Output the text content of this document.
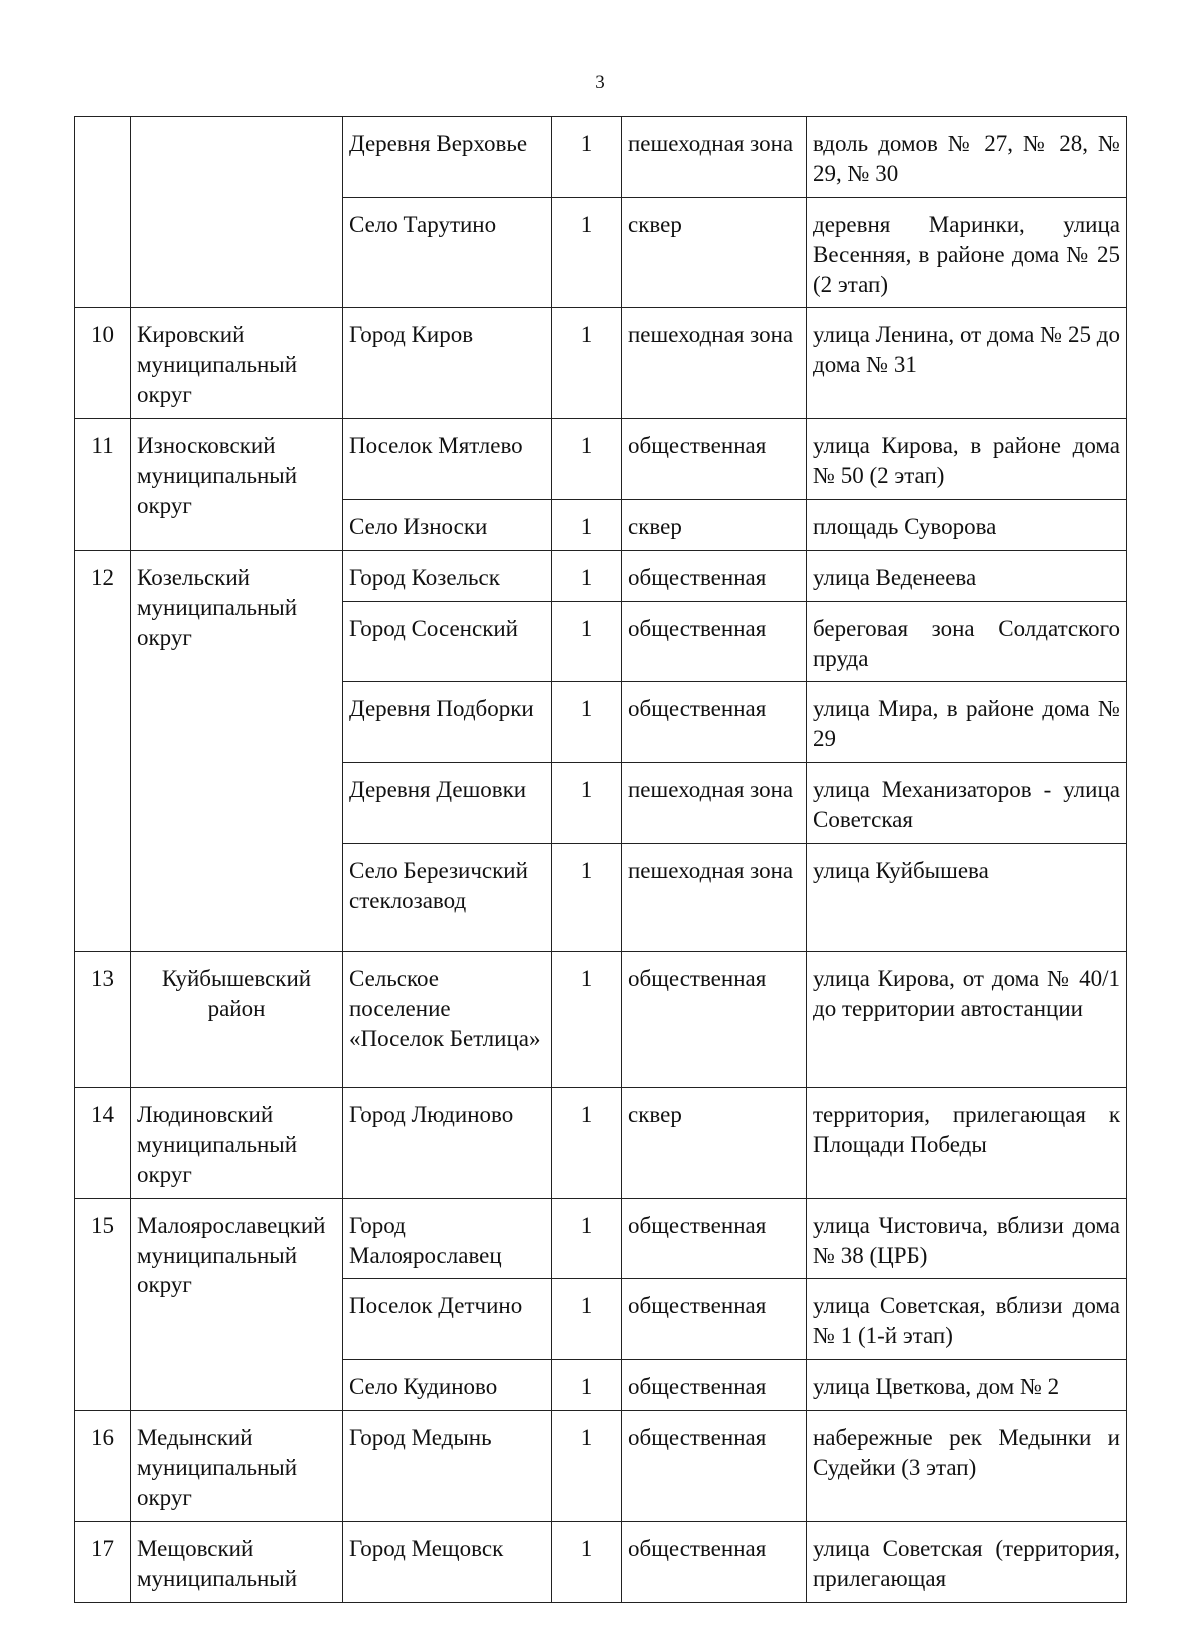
3
		Деревня Верховье	1	пешеходная зона	вдоль домов № 27, № 28, № 29, № 30
		Село Тарутино	1	сквер	деревня Маринки, улица Весенняя, в районе дома № 25 (2 этап)
10	Кировский муниципальный округ	Город Киров	1	пешеходная зона	улица Ленина, от дома № 25 до дома № 31
11	Износковский муниципальный округ	Поселок Мятлево	1	общественная	улица Кирова, в районе дома № 50 (2 этап)
		Село Износки	1	сквер	площадь Суворова
12	Козельский муниципальный округ	Город Козельск	1	общественная	улица Веденеева
		Город Сосенский	1	общественная	береговая зона Солдатского пруда
		Деревня Подборки	1	общественная	улица Мира, в районе дома № 29
		Деревня Дешовки	1	пешеходная зона	улица Механизаторов - улица Советская
		Село Березичский стеклозавод	1	пешеходная зона	улица Куйбышева
13	Куйбышевский район	Сельское поселение «Поселок Бетлица»	1	общественная	улица Кирова, от дома № 40/1 до территории автостанции
14	Людиновский муниципальный округ	Город Людиново	1	сквер	территория, прилегающая к Площади Победы
15	Малоярославецкий муниципальный округ	Город Малоярославец	1	общественная	улица Чистовича, вблизи дома № 38 (ЦРБ)
		Поселок Детчино	1	общественная	улица Советская, вблизи дома № 1 (1-й этап)
		Село Кудиново	1	общественная	улица Цветкова, дом № 2
16	Медынский муниципальный округ	Город Медынь	1	общественная	набережные рек Медынки и Судейки (3 этап)
17	Мещовский муниципальный	Город Мещовск	1	общественная	улица Советская (территория, прилегающая
